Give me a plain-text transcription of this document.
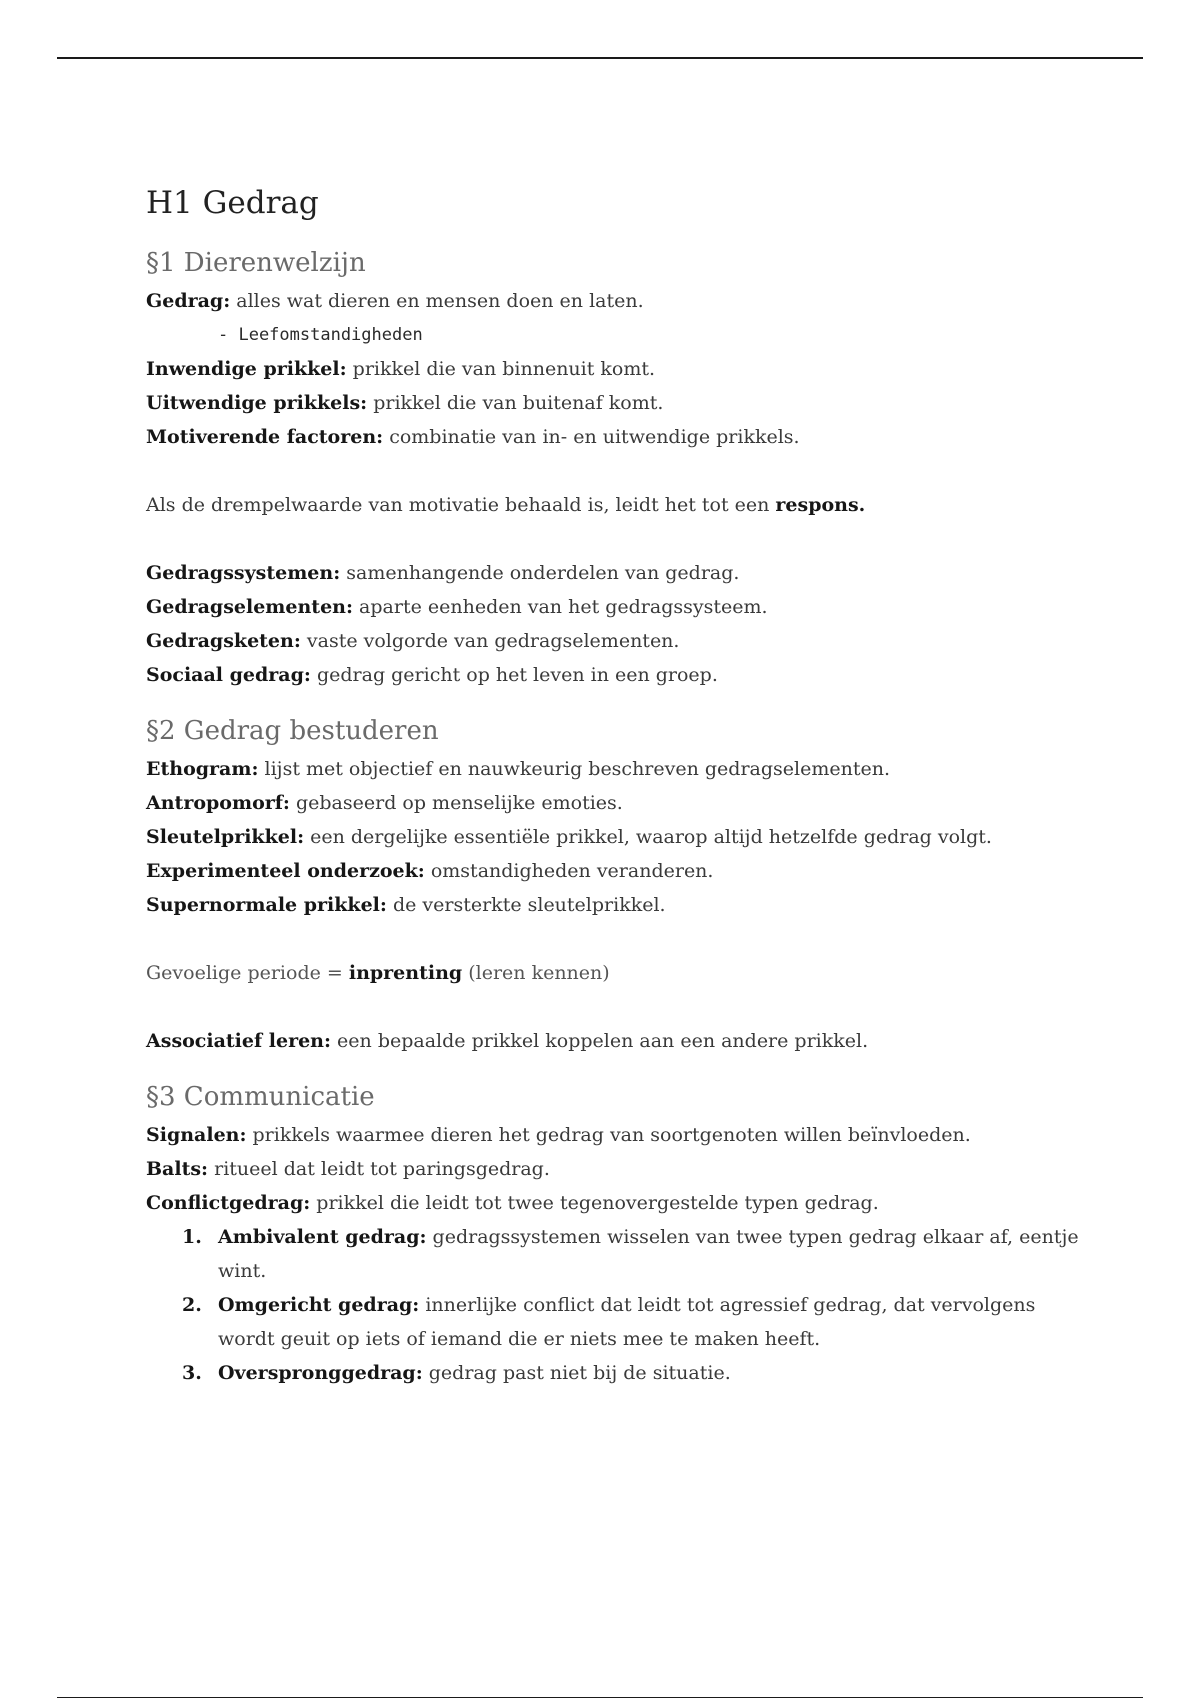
H1 Gedrag
§1 Dierenwelzijn
Gedrag: alles wat dieren en mensen doen en laten.
- Leefomstandigheden
Inwendige prikkel: prikkel die van binnenuit komt.
Uitwendige prikkels: prikkel die van buitenaf komt.
Motiverende factoren: combinatie van in- en uitwendige prikkels.
Als de drempelwaarde van motivatie behaald is, leidt het tot een respons.
Gedragssystemen: samenhangende onderdelen van gedrag.
Gedragselementen: aparte eenheden van het gedragssysteem.
Gedragsketen: vaste volgorde van gedragselementen.
Sociaal gedrag: gedrag gericht op het leven in een groep.
§2 Gedrag bestuderen
Ethogram: lijst met objectief en nauwkeurig beschreven gedragselementen.
Antropomorf: gebaseerd op menselijke emoties.
Sleutelprikkel: een dergelijke essentiële prikkel, waarop altijd hetzelfde gedrag volgt.
Experimenteel onderzoek: omstandigheden veranderen.
Supernormale prikkel: de versterkte sleutelprikkel.
Gevoelige periode = inprenting (leren kennen)
Associatief leren: een bepaalde prikkel koppelen aan een andere prikkel.
§3 Communicatie
Signalen: prikkels waarmee dieren het gedrag van soortgenoten willen beïnvloeden.
Balts: ritueel dat leidt tot paringsgedrag.
Conflictgedrag: prikkel die leidt tot twee tegenovergestelde typen gedrag.
1. Ambivalent gedrag: gedragssystemen wisselen van twee typen gedrag elkaar af, eentje wint.
2. Omgericht gedrag: innerlijke conflict dat leidt tot agressief gedrag, dat vervolgens wordt geuit op iets of iemand die er niets mee te maken heeft.
3. Overspronggedrag: gedrag past niet bij de situatie.
